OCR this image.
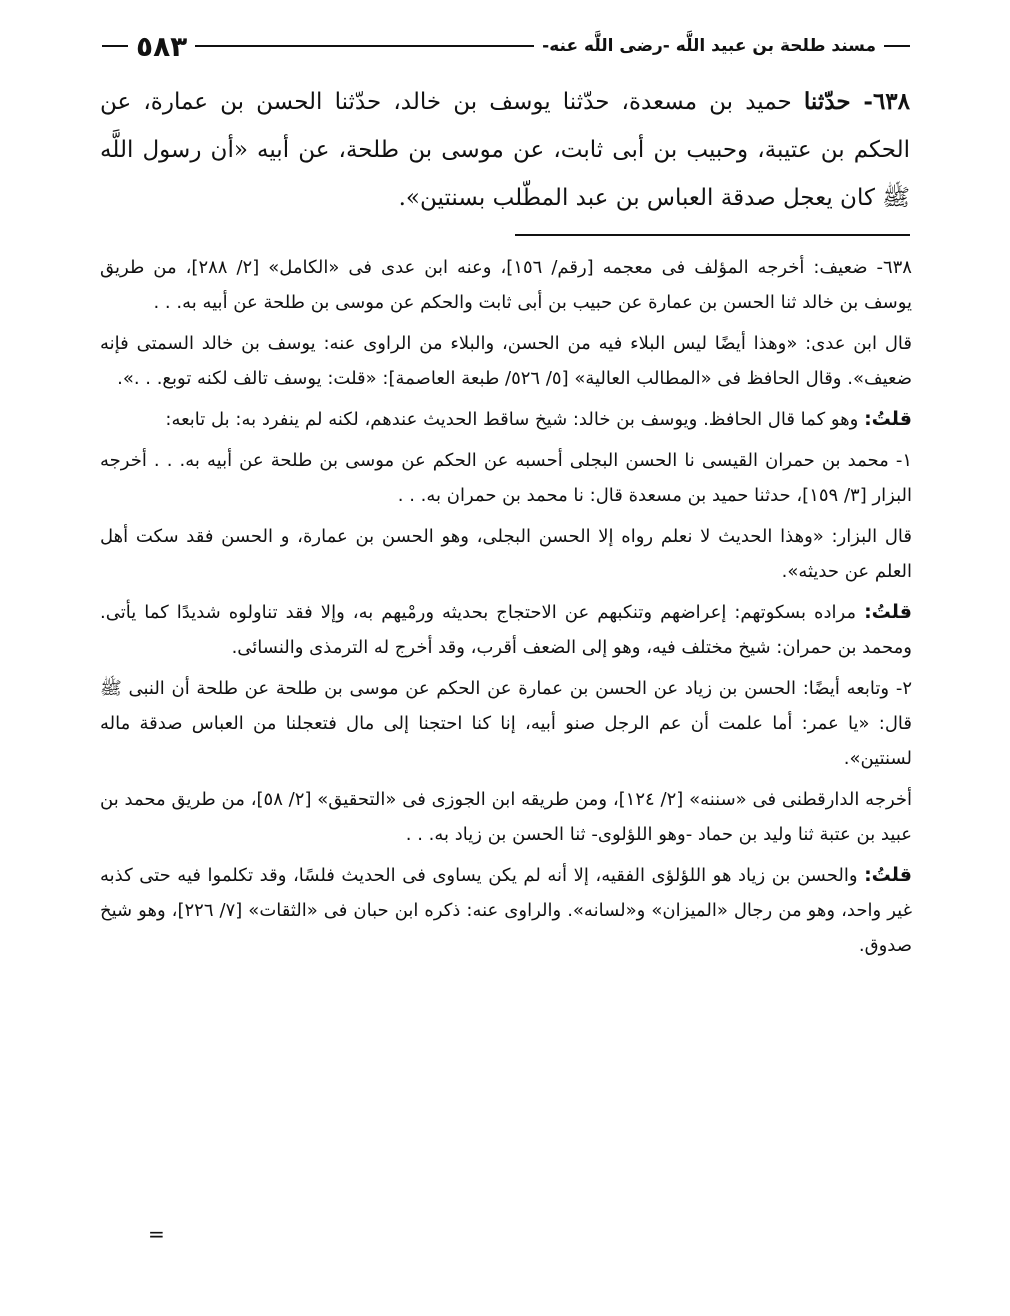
مسند طلحة بن عبيد اللَّه -رضى اللَّه عنه-
٥٨٣
٦٣٨- حدّثنا حميد بن مسعدة، حدّثنا يوسف بن خالد، حدّثنا الحسن بن عمارة، عن الحكم بن عتيبة، وحبيب بن أبى ثابت، عن موسى بن طلحة، عن أبيه «أن رسول اللَّه ﷺ كان يعجل صدقة العباس بن عبد المطّلب بسنتين».

٦٣٨- ضعيف: أخرجه المؤلف فى معجمه [رقم/ ١٥٦]، وعنه ابن عدى فى «الكامل» [٢/ ٢٨٨]، من طريق يوسف بن خالد ثنا الحسن بن عمارة عن حبيب بن أبى ثابت والحكم عن موسى بن طلحة عن أبيه به. . .

قال ابن عدى: «وهذا أيضًا ليس البلاء فيه من الحسن، والبلاء من الراوى عنه: يوسف بن خالد السمتى فإنه ضعيف». وقال الحافظ فى «المطالب العالية» [٥/ ٥٢٦/ طبعة العاصمة]: «قلت: يوسف تالف لكنه توبع. . .».

قلتُ: وهو كما قال الحافظ. ويوسف بن خالد: شيخ ساقط الحديث عندهم، لكنه لم ينفرد به: بل تابعه:

١- محمد بن حمران القيسى نا الحسن البجلى أحسبه عن الحكم عن موسى بن طلحة عن أبيه به. . . أخرجه البزار [٣/ ١٥٩]، حدثنا حميد بن مسعدة قال: نا محمد بن حمران به. . .

قال البزار: «وهذا الحديث لا نعلم رواه إلا الحسن البجلى، وهو الحسن بن عمارة، و الحسن فقد سكت أهل العلم عن حديثه».

قلتُ: مراده بسكوتهم: إعراضهم وتنكبهم عن الاحتجاج بحديثه ورمْيهم به، وإلا فقد تناولوه شديدًا كما يأتى. ومحمد بن حمران: شيخ مختلف فيه، وهو إلى الضعف أقرب، وقد أخرج له الترمذى والنسائى.

٢- وتابعه أيضًا: الحسن بن زياد عن الحسن بن عمارة عن الحكم عن موسى بن طلحة عن طلحة أن النبى ﷺ قال: «يا عمر: أما علمت أن عم الرجل صنو أبيه، إنا كنا احتجنا إلى مال فتعجلنا من العباس صدقة ماله لسنتين».

أخرجه الدارقطنى فى «سننه» [٢/ ١٢٤]، ومن طريقه ابن الجوزى فى «التحقيق» [٢/ ٥٨]، من طريق محمد بن عبيد بن عتبة ثنا وليد بن حماد -وهو اللؤلوى- ثنا الحسن بن زياد به. . .

قلتُ: والحسن بن زياد هو اللؤلؤى الفقيه، إلا أنه لم يكن يساوى فى الحديث فلسًا، وقد تكلموا فيه حتى كذبه غير واحد، وهو من رجال «الميزان» و«لسانه». والراوى عنه: ذكره ابن حبان فى «الثقات» [٧/ ٢٢٦]، وهو شيخ صدوق.

=
